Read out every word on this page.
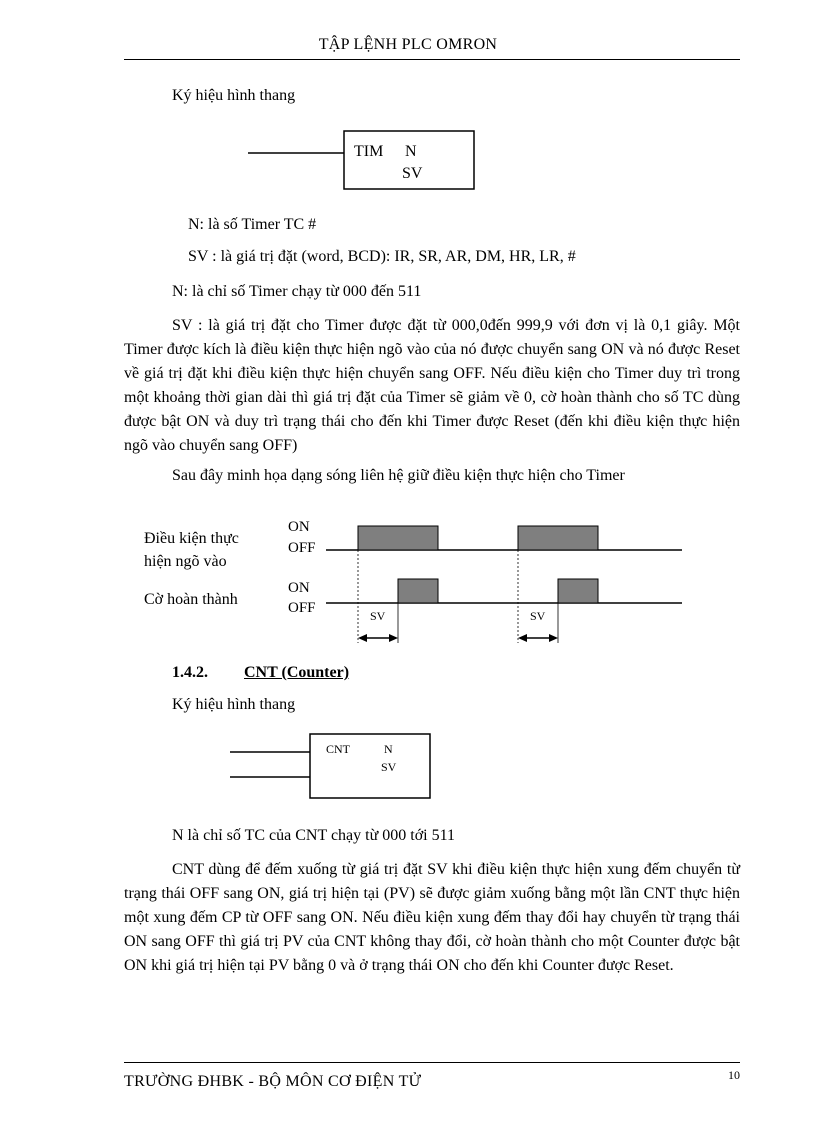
TẬP LỆNH PLC OMRON
Ký hiệu hình thang
TIM N
SV
N: là số Timer TC #
SV : là giá trị đặt (word, BCD): IR, SR, AR, DM, HR, LR, #
N: là chỉ số Timer chạy từ 000 đến 511
SV : là giá trị đặt cho Timer được đặt từ 000,0đến 999,9 với đơn vị là 0,1 giây. Một Timer được kích là điều kiện thực hiện ngõ vào của nó được chuyển sang ON và nó được Reset về giá trị đặt khi điều kiện thực hiện chuyển sang OFF. Nếu điều kiện cho Timer duy trì trong một khoảng thời gian dài thì giá trị đặt của Timer sẽ giảm về 0, cờ hoàn thành cho số TC dùng được bật ON và duy trì trạng thái cho đến khi Timer được Reset (đến khi điều kiện thực hiện ngõ vào chuyển sang OFF)
Sau đây minh họa dạng sóng liên hệ giữ điều kiện thực hiện cho Timer
Điều kiện thực
hiện ngõ vào
ON
OFF
Cờ hoàn thành
ON
OFF	SV	SV
1.4.2. CNT (Counter)
Ký hiệu hình thang
CNT	N
SV
N là chỉ số TC của CNT chạy từ 000 tới 511
CNT dùng để đếm xuống từ giá trị đặt SV khi điều kiện thực hiện xung đếm chuyển từ trạng thái OFF sang ON, giá trị hiện tại (PV) sẽ được giảm xuống bằng một lần CNT thực hiện một xung đếm CP từ OFF sang ON. Nếu điều kiện xung đếm thay đổi hay chuyển từ trạng thái ON sang OFF thì giá trị PV của CNT không thay đổi, cờ hoàn thành cho một Counter được bật ON khi giá trị hiện tại PV bằng 0 và ở trạng thái ON cho đến khi Counter được Reset.
TRƯỜNG ĐHBK - BỘ MÔN CƠ ĐIỆN TỬ	10
